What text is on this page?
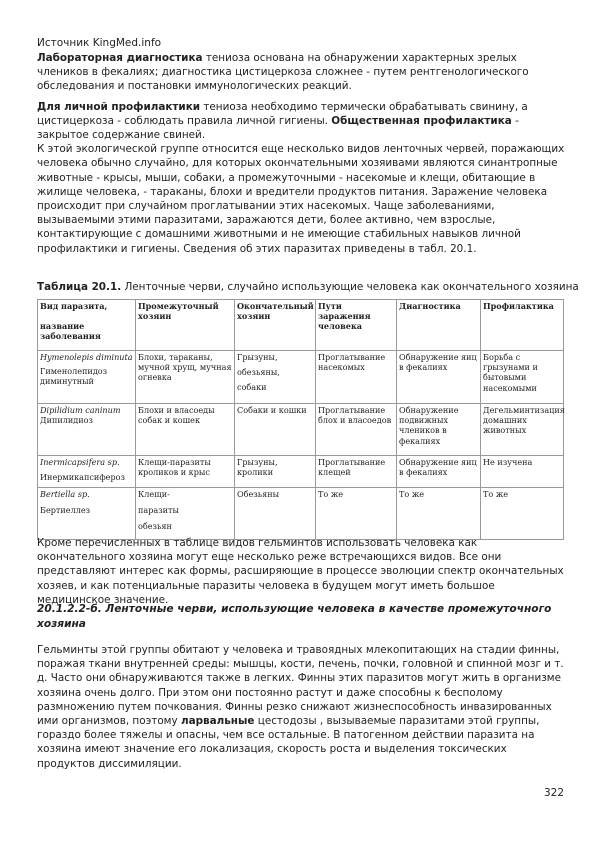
Источник KingMed.info

Лабораторная диагностика тениоза основана на обнаружении характерных зрелых члеников в фекалиях; диагностика цистицеркоза сложнее - путем рентгенологического обследования и постановки иммунологических реакций.

Для личной профилактики тениоза необходимо термически обрабатывать свинину, а цистицеркоза - соблюдать правила личной гигиены. Общественная профилактика - закрытое содержание свиней.

К этой экологической группе относится еще несколько видов ленточных червей, поражающих человека обычно случайно, для которых окончательными хозяивами являются синантропные животные - крысы, мыши, собаки, а промежуточными - насекомые и клещи, обитающие в жилище человека, - тараканы, блохи и вредители продуктов питания. Заражение человека происходит при случайном проглатывании этих насекомых. Чаще заболеваниями, вызываемыми этими паразитами, заражаются дети, более активно, чем взрослые, контактирующие с домашними животными и не имеющие стабильных навыков личной профилактики и гигиены. Сведения об этих паразитах приведены в табл. 20.1.

Таблица 20.1. Ленточные черви, случайно использующие человека как окончательного хозяина
Вид паразита,
название заболевания	Промежуточный хозяин	Окончательный хозяин	Пути заражения человека	Диагностика	Профилактика

Hymenolepis diminuta
Гименолепидоз диминутный	Блохи, тараканы, мучной хрущ, мучная огневка	Грызуны,
обезьяны,
собаки	Проглатывание насекомых	Обнаружение яиц в фекалиях	Борьба с грызунами и бытовыми насекомыми
Dipilidium caninum Дипилидиоз	Блохи и власоеды собак и кошек	Собаки и кошки	Проглатывание блох и власоедов	Обнаружение подвижных члеников в фекалиях	Дегельминтизация домашних животных

Inermicapsifera sp.
Инермикапсифероз	Клещи-паразиты кроликов и крыс	Грызуны, кролики	Проглатывание клещей	Обнаружение яиц в фекалиях	Не изучена

Bertiella sp.
Бертиеллез	Клещи-
паразиты
обезьян	Обезьяны	То же	То же	То же
Кроме перечисленных в таблице видов гельминтов использовать человека как окончательного хозяина могут еще несколько реже встречающихся видов. Все они представляют интерес как формы, расширяющие в процессе эволюции спектр окончательных хозяев, и как потенциальные паразиты человека в будущем могут иметь большое медицинское значение.
20.1.2.2-б. Ленточные черви, использующие человека в качестве промежуточного хозяина
Гельминты этой группы обитают у человека и травоядных млекопитающих на стадии финны, поражая ткани внутренней среды: мышцы, кости, печень, почки, головной и спинной мозг и т. д. Часто они обнаруживаются также в легких. Финны этих паразитов могут жить в организме хозяина очень долго. При этом они постоянно растут и даже способны к бесполому размножению путем почкования. Финны резко снижают жизнеспособность инвазированных ими организмов, поэтому ларвальные цестодозы , вызываемые паразитами этой группы, гораздо более тяжелы и опасны, чем все остальные. В патогенном действии паразита на хозяина имеют значение его локализация, скорость роста и выделения токсических продуктов диссимиляции.
322
